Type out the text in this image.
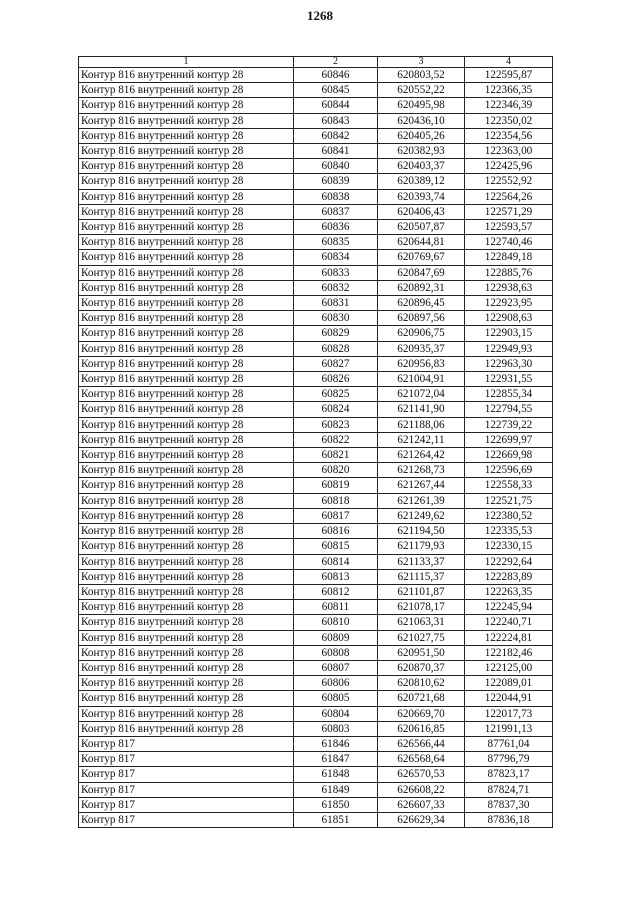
1268
1	2	3	4
Контур 816 внутренний контур 28	60846	620803,52	122595,87
Контур 816 внутренний контур 28	60845	620552,22	122366,35
Контур 816 внутренний контур 28	60844	620495,98	122346,39
Контур 816 внутренний контур 28	60843	620436,10	122350,02
Контур 816 внутренний контур 28	60842	620405,26	122354,56
Контур 816 внутренний контур 28	60841	620382,93	122363,00
Контур 816 внутренний контур 28	60840	620403,37	122425,96
Контур 816 внутренний контур 28	60839	620389,12	122552,92
Контур 816 внутренний контур 28	60838	620393,74	122564,26
Контур 816 внутренний контур 28	60837	620406,43	122571,29
Контур 816 внутренний контур 28	60836	620507,87	122593,57
Контур 816 внутренний контур 28	60835	620644,81	122740,46
Контур 816 внутренний контур 28	60834	620769,67	122849,18
Контур 816 внутренний контур 28	60833	620847,69	122885,76
Контур 816 внутренний контур 28	60832	620892,31	122938,63
Контур 816 внутренний контур 28	60831	620896,45	122923,95
Контур 816 внутренний контур 28	60830	620897,56	122908,63
Контур 816 внутренний контур 28	60829	620906,75	122903,15
Контур 816 внутренний контур 28	60828	620935,37	122949,93
Контур 816 внутренний контур 28	60827	620956,83	122963,30
Контур 816 внутренний контур 28	60826	621004,91	122931,55
Контур 816 внутренний контур 28	60825	621072,04	122855,34
Контур 816 внутренний контур 28	60824	621141,90	122794,55
Контур 816 внутренний контур 28	60823	621188,06	122739,22
Контур 816 внутренний контур 28	60822	621242,11	122699,97
Контур 816 внутренний контур 28	60821	621264,42	122669,98
Контур 816 внутренний контур 28	60820	621268,73	122596,69
Контур 816 внутренний контур 28	60819	621267,44	122558,33
Контур 816 внутренний контур 28	60818	621261,39	122521,75
Контур 816 внутренний контур 28	60817	621249,62	122380,52
Контур 816 внутренний контур 28	60816	621194,50	122335,53
Контур 816 внутренний контур 28	60815	621179,93	122330,15
Контур 816 внутренний контур 28	60814	621133,37	122292,64
Контур 816 внутренний контур 28	60813	621115,37	122283,89
Контур 816 внутренний контур 28	60812	621101,87	122263,35
Контур 816 внутренний контур 28	60811	621078,17	122245,94
Контур 816 внутренний контур 28	60810	621063,31	122240,71
Контур 816 внутренний контур 28	60809	621027,75	122224,81
Контур 816 внутренний контур 28	60808	620951,50	122182,46
Контур 816 внутренний контур 28	60807	620870,37	122125,00
Контур 816 внутренний контур 28	60806	620810,62	122089,01
Контур 816 внутренний контур 28	60805	620721,68	122044,91
Контур 816 внутренний контур 28	60804	620669,70	122017,73
Контур 816 внутренний контур 28	60803	620616,85	121991,13
Контур 817	61846	626566,44	87761,04
Контур 817	61847	626568,64	87796,79
Контур 817	61848	626570,53	87823,17
Контур 817	61849	626608,22	87824,71
Контур 817	61850	626607,33	87837,30
Контур 817	61851	626629,34	87836,18
